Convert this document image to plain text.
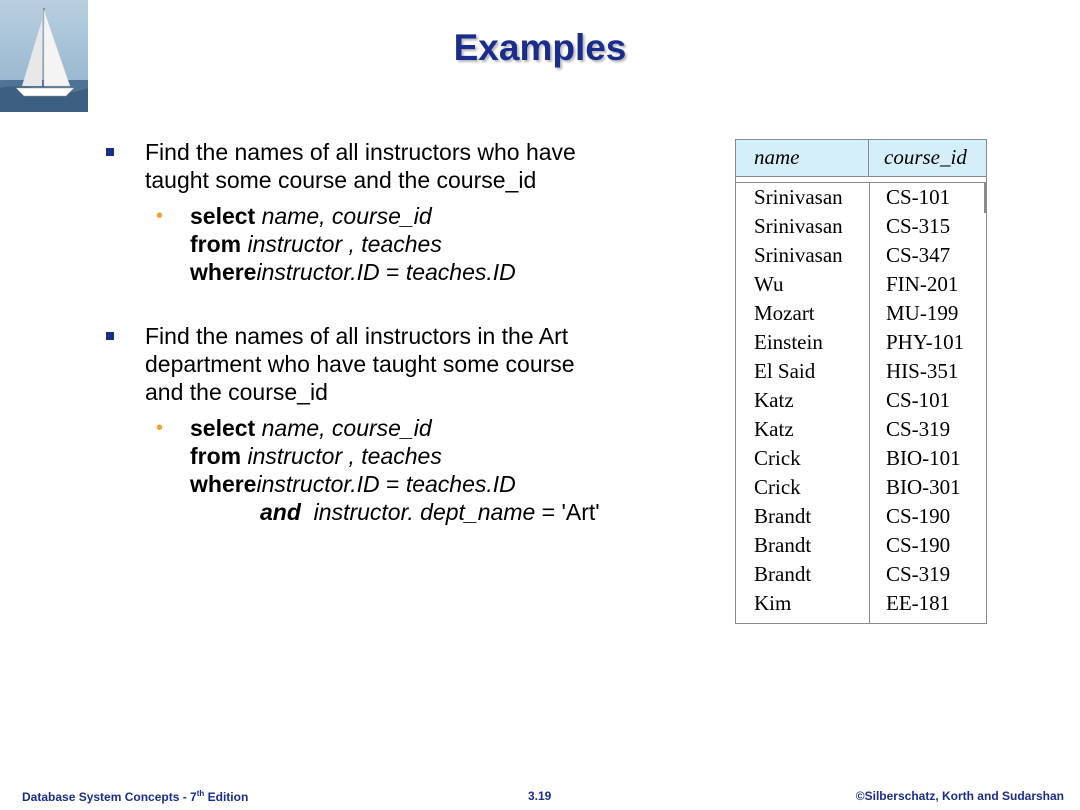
Examples
Find the names of all instructors who have
taught some course and the course_id
• select name, course_id
from instructor , teaches
whereinstructor.ID = teaches.ID
Find the names of all instructors in the Art
department who have taught some course
and the course_id
• select name, course_id
from instructor , teaches
whereinstructor.ID = teaches.ID
and instructor. dept_name = 'Art'
name	course_id
Srinivasan	CS-101
Srinivasan	CS-315
Srinivasan	CS-347
Wu	FIN-201
Mozart	MU-199
Einstein	PHY-101
El Said	HIS-351
Katz	CS-101
Katz	CS-319
Crick	BIO-101
Crick	BIO-301
Brandt	CS-190
Brandt	CS-190
Brandt	CS-319
Kim	EE-181
Database System Concepts - 7th Edition	3.19	©Silberschatz, Korth and Sudarshan
